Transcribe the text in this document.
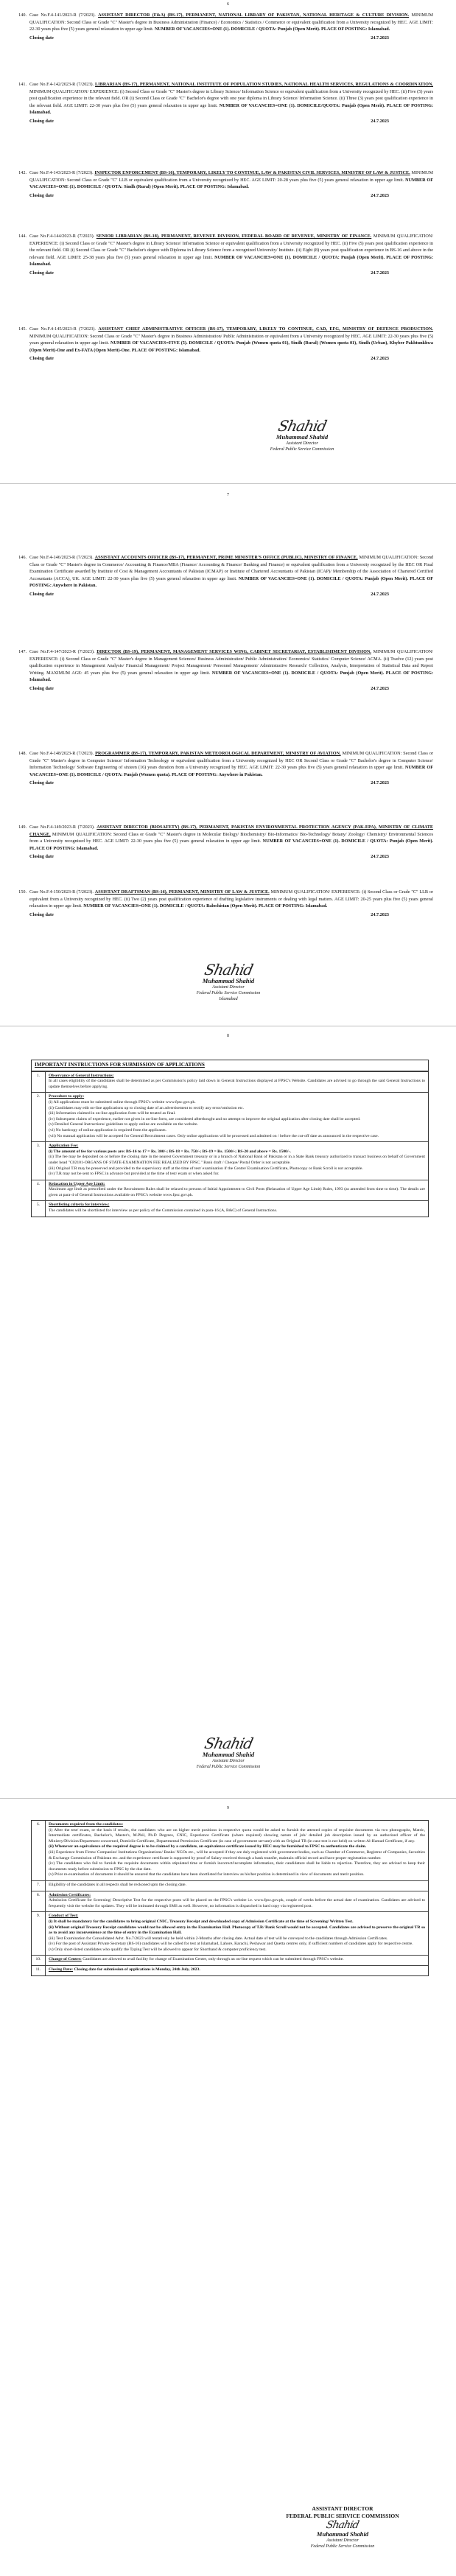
6
140. Case No.F.4-141/2023-R (7/2023). ASSISTANT DIRECTOR (F&A) (BS-17), PERMANENT, NATIONAL LIBRARY OF PAKISTAN, NATIONAL HERITAGE & CULTURE DIVISION. MINIMUM QUALIFICATION: Second Class or Grade "C" Master's degree in Business Administration (Finance) / Economics / Statistics / Commerce or equivalent qualification from a University recognized by HEC. AGE LIMIT: 22-30 years plus five (5) years general relaxation in upper age limit. NUMBER OF VACANCIES=ONE (1). DOMICILE / QUOTA: Punjab (Open Merit). PLACE OF POSTING: Islamabad.
Closing date	24.7.2023
141. Case No.F.4-142/2023-R (7/2023). LIBRARIAN (BS-17), PERMANENT, NATIONAL INSTITUTE OF POPULATION STUDIES, NATIONAL HEALTH SERVICES, REGULATIONS & COORDINATION. MINIMUM QUALIFICATION/ EXPERIENCE: (i) Second Class or Grade "C" Master's degree in Library Science/ Information Science or equivalent qualification from a University recognized by HEC. (ii) Five (5) years post qualification experience in the relevant field. OR (i) Second Class or Grade "C" Bachelor's degree with one year diploma in Library Science/ Information Science. (ii) Three (3) years post qualification experience in the relevant field. AGE LIMIT: 22-30 years plus five (5) years general relaxation in upper age limit. NUMBER OF VACANCIES=ONE (1). DOMICILE/QUOTA: Punjab (Open Merit). PLACE OF POSTING: Islamabad.
Closing date	24.7.2023
142. Case No.F.4-143/2023-R (7/2023). INSPECTOR ENFORCEMENT (BS-16), TEMPORARY, LIKELY TO CONTINUE, LAW & PAKISTAN CIVIL SERVICES, MINISTRY OF LAW & JUSTICE. MINIMUM QUALIFICATION: Second Class or Grade "C" LLB or equivalent qualification from a University recognized by HEC. AGE LIMIT: 20-28 years plus five (5) years general relaxation in upper age limit. NUMBER OF VACANCIES=ONE (1). DOMICILE / QUOTA: Sindh (Rural) (Open Merit). PLACE OF POSTING: Islamabad.
Closing date	24.7.2023
144. Case No.F.4-144/2023-R (7/2023). SENIOR LIBRARIAN (BS-18), PERMANENT, REVENUE DIVISION, FEDERAL BOARD OF REVENUE, MINISTRY OF FINANCE. MINIMUM QUALIFICATION/ EXPERIENCE: (i) Second Class or Grade "C" Master's degree in Library Science/ Information Science or equivalent qualification from a University recognized by HEC. (ii) Five (5) years post qualification experience in the relevant field. OR (i) Second Class or Grade "C" Bachelor's degree with Diploma in Library Science from a recognized University/ Institute. (ii) Eight (8) years post qualification experience in BS-16 and above in the relevant field. AGE LIMIT: 25-38 years plus five (5) years general relaxation in upper age limit. NUMBER OF VACANCIES=ONE (1). DOMICILE / QUOTA: Punjab (Open Merit). PLACE OF POSTING: Islamabad.
Closing date	24.7.2023
145. Case No.F.4-145/2023-R (7/2023). ASSISTANT CHIEF ADMINISTRATIVE OFFICER (BS-17), TEMPORARY, LIKELY TO CONTINUE, CAD, EFG, MINISTRY OF DEFENCE PRODUCTION. MINIMUM QUALIFICATION: Second Class or Grade "C" Master's degree in Business Administration/ Public Administration or equivalent from a University recognized by HEC. AGE LIMIT: 22-30 years plus five (5) years general relaxation in upper age limit. NUMBER OF VACANCIES=FIVE (5). DOMICILE / QUOTA: Punjab (Women quota 01), Sindh (Rural) (Women quota 01), Sindh (Urban), Khyber Pakhtunkhwa (Open Merit)-One and Ex-FATA (Open Merit)-One. PLACE OF POSTING: Islamabad.
Closing date	24.7.2023
Shahid
Muhammad Shahid
Assistant Director
Federal Public Service Commission
7
146. Case No.F.4-146/2023-R (7/2023). ASSISTANT ACCOUNTS OFFICER (BS-17), PERMANENT, PRIME MINISTER'S OFFICE (PUBLIC), MINISTRY OF FINANCE. MINIMUM QUALIFICATION: Second Class or Grade "C" Master's degree in Commerce/ Accounting & Finance/MBA (Finance/ Accounting & Finance/ Banking and Finance) or equivalent qualification from a University recognized by the HEC OR Final Examination Certificate awarded by Institute of Cost & Management Accountants of Pakistan (ICMAP) or Institute of Chartered Accountants of Pakistan (ICAP)/ Membership of the Association of Chartered Certified Accountants (ACCA), UK. AGE LIMIT: 22-30 years plus five (5) years general relaxation in upper age limit. NUMBER OF VACANCIES=ONE (1). DOMICILE / QUOTA: Punjab (Open Merit). PLACE OF POSTING: Anywhere in Pakistan.
Closing date	24.7.2023
147. Case No.F.4-147/2023-R (7/2023). DIRECTOR (BS-19), PERMANENT, MANAGEMENT SERVICES WING, CABINET SECRETARIAT, ESTABLISHMENT DIVISION. MINIMUM QUALIFICATION/ EXPERIENCE: (i) Second Class or Grade "C" Master's degree in Management Sciences/ Business Administration/ Public Administration/ Economics/ Statistics/ Computer Science/ ACMA. (ii) Twelve (12) years post qualification experience in Management Analysis/ Financial Management/ Project Management/ Personnel Management/ Administrative Research/ Collection, Analysis, Interpretation of Statistical Data and Report Writing. MAXIMUM AGE: 45 years plus five (5) years general relaxation in upper age limit. NUMBER OF VACANCIES=ONE (1). DOMICILE / QUOTA: Punjab (Open Merit). PLACE OF POSTING: Islamabad.
Closing date	24.7.2023
148. Case No.F.4-148/2023-R (7/2023). PROGRAMMER (BS-17), TEMPORARY, PAKISTAN METEOROLOGICAL DEPARTMENT, MINISTRY OF AVIATION. MINIMUM QUALIFICATION: Second Class or Grade "C" Master's degree in Computer Science/ Information Technology or equivalent qualification from a University recognized by HEC OR Second Class or Grade "C" Bachelor's degree in Computer Science/ Information Technology/ Software Engineering of sixteen (16) years duration from a University recognized by HEC. AGE LIMIT: 22-30 years plus five (5) years general relaxation in upper age limit. NUMBER OF VACANCIES=ONE (1). DOMICILE / QUOTA: Punjab (Women quota). PLACE OF POSTING: Anywhere in Pakistan.
Closing date	24.7.2023
149. Case No.F.4-149/2023-R (7/2023). ASSISTANT DIRECTOR (BIOSAFETY) (BS-17), PERMANENT, PAKISTAN ENVIRONMENTAL PROTECTION AGENCY (PAK-EPA), MINISTRY OF CLIMATE CHANGE. MINIMUM QUALIFICATION: Second Class or Grade "C" Master's degree in Molecular Biology/ Biochemistry/ Bio-Informatics/ Bio-Technology/ Botany/ Zoology/ Chemistry/ Environmental Sciences from a University recognized by HEC. AGE LIMIT: 22-30 years plus five (5) years general relaxation in upper age limit. NUMBER OF VACANCIES=ONE (1). DOMICILE / QUOTA: Punjab (Open Merit). PLACE OF POSTING: Islamabad.
Closing date	24.7.2023
150. Case No.F.4-150/2023-R (7/2023). ASSISTANT DRAFTSMAN (BS-16), PERMANENT, MINISTRY OF LAW & JUSTICE. MINIMUM QUALIFICATION/ EXPERIENCE: (i) Second Class or Grade "C" LLB or equivalent from a University recognized by HEC. (ii) Two (2) years post qualification experience of drafting legislative instruments or dealing with legal matters. AGE LIMIT: 20-25 years plus five (5) years general relaxation in upper age limit. NUMBER OF VACANCIES=ONE (1). DOMICILE / QUOTA: Balochistan (Open Merit). PLACE OF POSTING: Islamabad.
Closing date	24.7.2023
Shahid
Muhammad Shahid
Assistant Director
Federal Public Service Commission
Islamabad
8
IMPORTANT INSTRUCTIONS FOR SUBMISSION OF APPLICATIONS
1.	Observance of General Instructions:
In all cases eligibility of the candidates shall be determined as per Commission's policy laid down in General Instructions displayed at FPSC's Website. Candidates are advised to go through the said General Instructions to update themselves before applying.
2.	Procedure to apply:
(i) All applications must be submitted online through FPSC's website www.fpsc.gov.pk.
(ii) Candidates may edit on-line applications up to closing date of an advertisement to rectify any error/omission etc.
(iii) Information claimed in on-line application form will be treated as final.
(iv) Subsequent claims of experience, earlier not given in on-line form, are considered afterthought and no attempt to improve the original application after closing date shall be accepted.
(v) Detailed General Instructions/ guidelines to apply online are available on the website.
(vi) No hardcopy of online application is required from the applicants.
(vii) No manual application will be accepted for General Recruitment cases. Only online applications will be processed and admitted on / before the cut-off date as announced in the respective case.
3.	Application Fee:
(i) The amount of fee for various posts are: BS-16 to 17 = Rs. 300/-; BS-18 = Rs. 750/-; BS-19 = Rs. 1500/-; BS-20 and above = Rs. 1500/-.
(ii) The fee may be deposited on or before the closing date in the nearest Government treasury or in a branch of National Bank of Pakistan or in a State Bank treasury authorized to transact business on behalf of Government under head "C02101-ORGANS OF STATE-EXAMINATION FEE REALIZED BY FPSC." Bank draft / Cheque/ Postal Order is not acceptable.
(iii) Original T.R may be preserved and provided to the supervisory staff at the time of test/ examination if the Centre/ Examination Certificate, Photocopy or Bank Scroll is not acceptable.
(iv) T.R may not be sent to FPSC in advance but provided at the time of test/ exam or when asked for.
4.	Relaxation in Upper Age Limit:
Maximum age limit as prescribed under the Recruitment Rules shall be relaxed to persons of Initial Appointment to Civil Posts (Relaxation of Upper Age Limit) Rules, 1993 (as amended from time to time). The details are given at para-4 of General Instructions available on FPSC's website www.fpsc.gov.pk.
5.	Shortlisting criteria for interview:
The candidates will be shortlisted for interview as per policy of the Commission contained in para-16 (A, B&C) of General Instructions.
Shahid
Muhammad Shahid
Assistant Director
Federal Public Service Commission
9
6.	Documents required from the candidates:
(i) After the test/ exam, or the basis if results, the candidates who are on higher merit positions in respective quota would be asked to furnish the attested copies of requisite documents via two photographs, Matric, Intermediate certificates, Bachelor's, Master's, M.Phil, Ph.D Degrees, CNIC, Experience Certificate (where required) showing nature of job/ detailed job description issued by an authorized officer of the Ministry/Division/Department concerned, Domicile Certificate, Departmental Permission Certificate (in case of government servant) with an Original TR (in case test is not held) on written Al-Hamad Certificate, if any.
(ii) Whenever an equivalence of the required degree is to be claimed by a candidate, an equivalence certificate issued by HEC may be furnished to FPSC to authenticate the claim.
(iii) Experience from Firms/ Companies/ Institutions Organizations/ Banks/ NGOs etc., will be accepted if they are duly registered with government bodies, such as Chamber of Commerce, Registrar of Companies, Securities & Exchange Commission of Pakistan etc. and the experience certificate is supported by proof of Salary received through a bank transfer, maintain official record and have proper registration number.
(iv) The candidates who fail to furnish the requisite documents within stipulated time or furnish incorrect/incomplete information, their candidature shall be liable to rejection. Therefore, they are advised to keep their documents ready before submission to FPSC by the due date.
(v) Prior re-examination of documents it should be ensured that the candidates have been shortlisted for interview as his/her position is determined in view of documents and merit position.
7.	Eligibility of the candidates in all respects shall be reckoned upto the closing date.
8.	Admission Certificates:
Admission Certificate for Screening/ Descriptive Test for the respective posts will be placed on the FPSC's website i.e. www.fpsc.gov.pk, couple of weeks before the actual date of examination. Candidates are advised to frequently visit the website for updates. They will be intimated through SMS as well. However, no information is dispatched in hard copy via registered post.
9.	Conduct of Test:
(i) It shall be mandatory for the candidates to bring original CNIC, Treasury Receipt and downloaded copy of Admission Certificate at the time of Screening/ Written Test.
(ii) Without original Treasury Receipt candidates would not be allowed entry in the Examination Hall. Photocopy of T.R/ Bank Scroll would not be accepted. Candidates are advised to preserve the original TR so as to avoid any inconvenience at the time of entry in the Examination Hall.
(iii) Test Examination for Consolidated Advt. No.7/2023 will tentatively be held within 2-Months after closing date. Actual date of test will be conveyed to the candidates through Admission Certificates.
(iv) For the post of Assistant Private Secretary (BS-16) candidates will be called for test at Islamabad, Lahore, Karachi, Peshawar and Quetta centres only, if sufficient numbers of candidates apply for respective centre.
(v) Only short-listed candidates who qualify the Typing Test will be allowed to appear for Shorthand & computer proficiency test.
10.	Change of Centre: Candidates are allowed to avail facility for change of Examination Centre, only through an on-line request which can be submitted through FPSC's website.
11.	Closing Date: Closing date for submission of applications is Monday, 24th July, 2023.
ASSISTANT DIRECTOR
FEDERAL PUBLIC SERVICE COMMISSION
Shahid
Muhammad Shahid
Assistant Director
Federal Public Service Commission
